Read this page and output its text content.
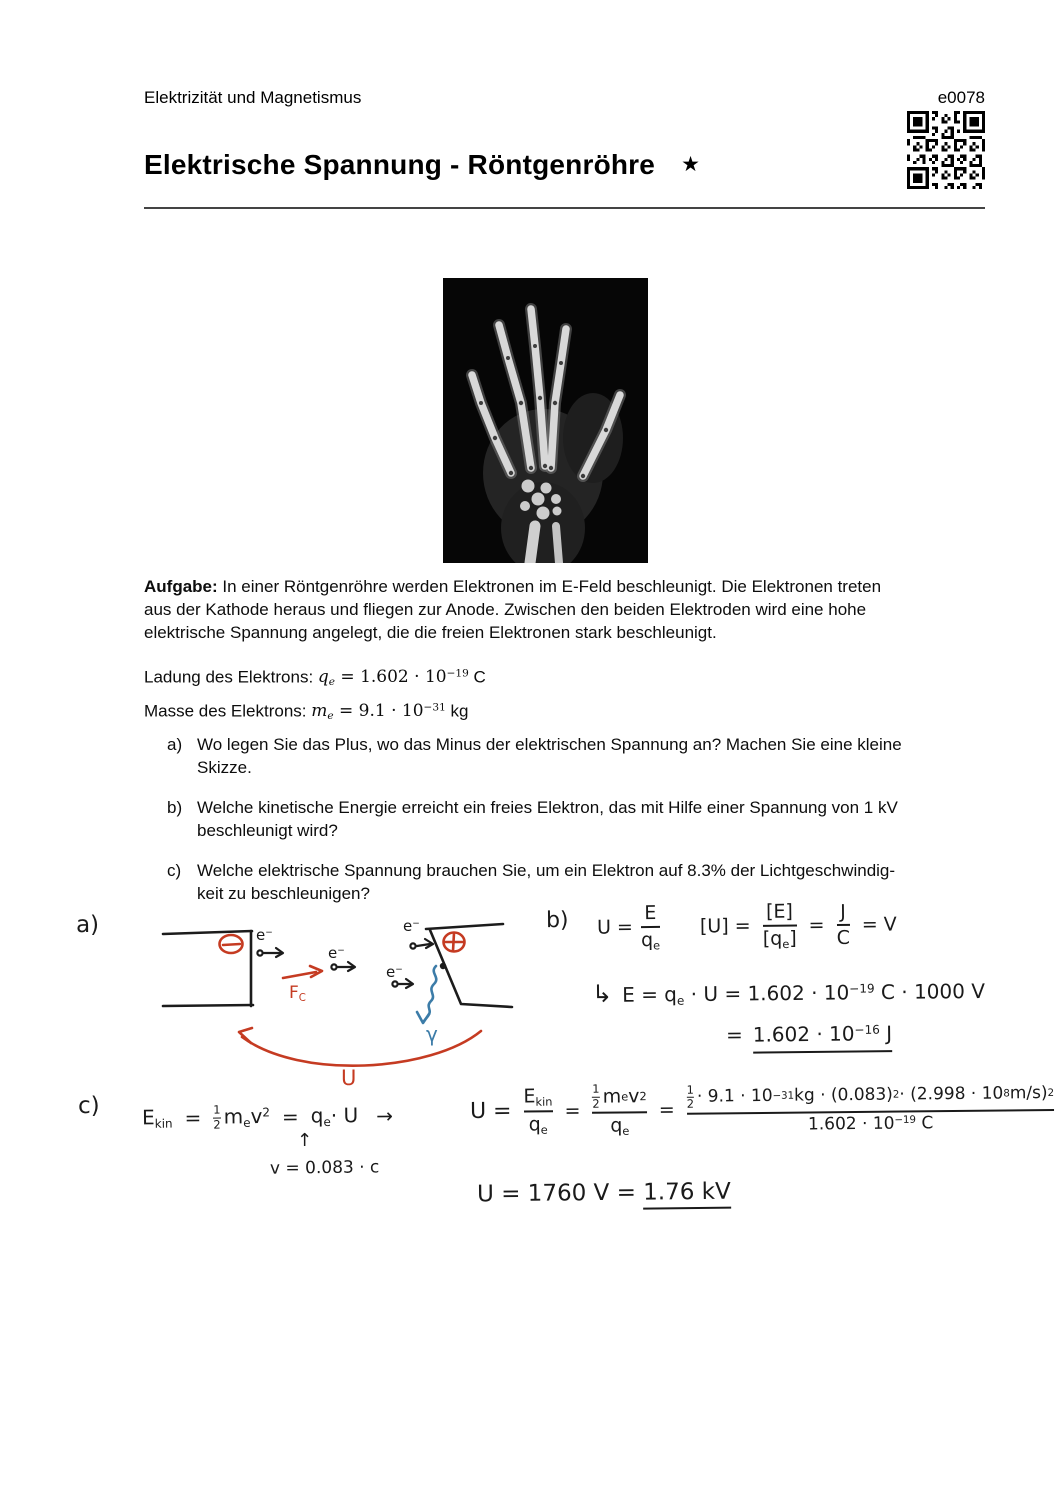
Elektrizität und Magnetismus	e0078
Elektrische Spannung - Röntgenröhre ★
Aufgabe: In einer Röntgenröhre werden Elektronen im E-Feld beschleunigt. Die Elektronen treten
aus der Kathode heraus und fliegen zur Anode. Zwischen den beiden Elektroden wird eine hohe
elektrische Spannung angelegt, die die freien Elektronen stark beschleunigt.
Ladung des Elektrons: $q_e = 1.602 \cdot 10^{-19}$ C
Masse des Elektrons: $m_e = 9.1 \cdot 10^{-31}$ kg
a) Wo legen Sie das Plus, wo das Minus der elektrischen Spannung an? Machen Sie eine kleine
Skizze.
b) Welche kinetische Energie erreicht ein freies Elektron, das mit Hilfe einer Spannung von 1 kV
beschleunigt wird?
c) Welche elektrische Spannung brauchen Sie, um ein Elektron auf 8.3% der Lichtgeschwindig-
keit zu beschleunigen?
a)	e−
e−
e−
e−
$F_C$
U
γ
b) $U = \frac{E}{q_e} [U] = \frac{[E]}{[q_e]} = \frac{J}{C} = V$
↳ $E = q_e \cdot U = 1.602 \cdot 10^{-19}$ C · 1000 V
= $1.602 \cdot 10^{-16}$ J
c) $E_{kin} = 1$
2 $m_ev^2 = q_e\cdot U$ →
↑
v = 0.083 · c
$U = \frac{E_{kin}}{q_e} = 1$
2 m e v 2
$q_e$ =
1
2 · 9.1 · 10 −31 kg · (0.083) 2 · (2.998 · 10 8 m/s) 2
$1.602 \cdot 10^{-19}$ C
U = 1760 V = 1.76 kV
